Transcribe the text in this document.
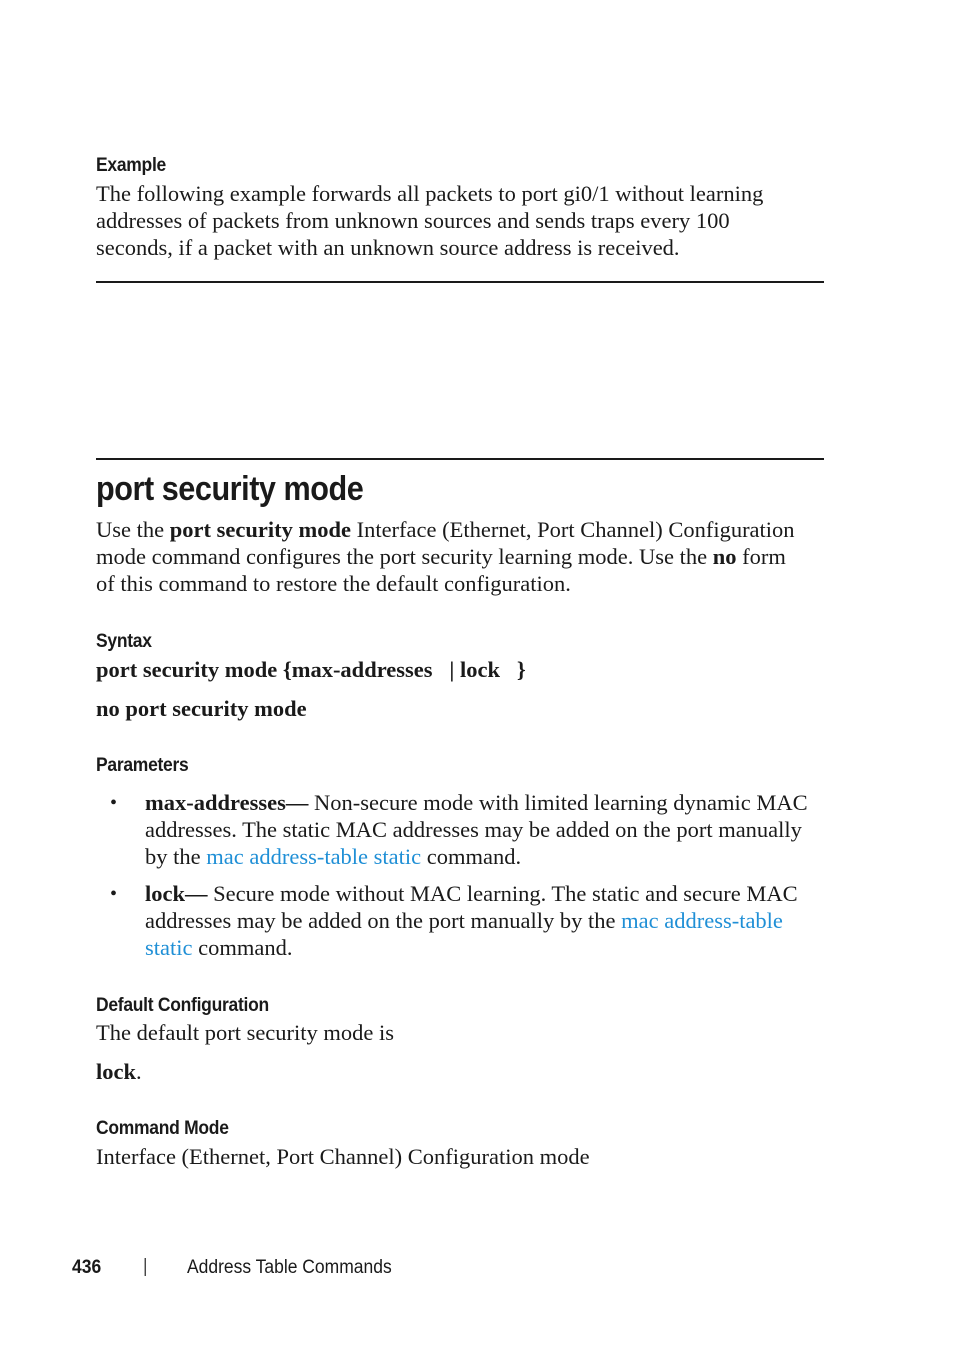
Example

The following example forwards all packets to port gi0/1 without learning

addresses of packets from unknown sources and sends traps every 100

seconds, if a packet with an unknown source address is received.

port security mode

Use the port security mode Interface (Ethernet, Port Channel) Configuration

mode command configures the port security learning mode. Use the no form

of this command to restore the default configuration.

Syntax
port security mode {max-addresses   | lock   }
no port security mode
Parameters
• max-addresses— Non-secure mode with limited learning dynamic MAC

addresses. The static MAC addresses may be added on the port manually

by the mac address-table static command.

• lock— Secure mode without MAC learning. The static and secure MAC

addresses may be added on the port manually by the mac address-table

static command.

Default Configuration
The default port security mode is
lock.
Command Mode
Interface (Ethernet, Port Channel) Configuration mode
436 | Address Table Commands
